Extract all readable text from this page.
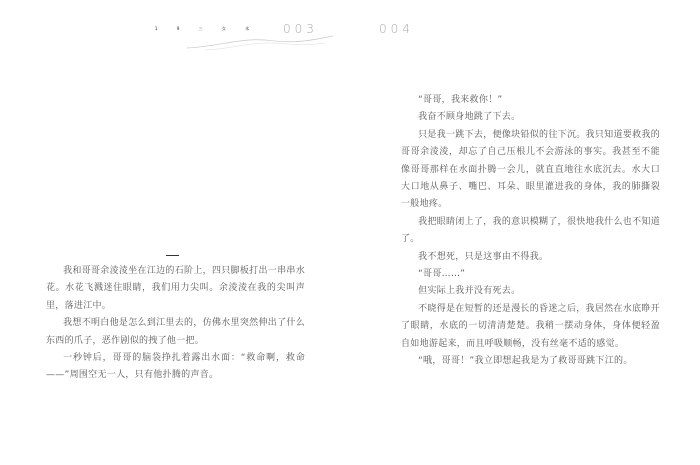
1 9 三 女 术 003

我和哥哥余淩淩坐在江边的石阶上，四只脚板打出一串串水花。水花飞溅迷住眼睛，我们用力尖叫。余淩淩在我的尖叫声里，落进江中。

我想不明白他是怎么到江里去的，仿佛水里突然伸出了什么东西的爪子，恶作剧似的拽了他一把。

一秒钟后，哥哥的脑袋挣扎着露出水面：“救命啊，救命——”周围空无一人，只有他扑腾的声音。

004

“哥哥，我来救你！”

我奋不顾身地跳了下去。

只是我一跳下去，便像块铅似的往下沉。我只知道要救我的哥哥余淩淩，却忘了自己压根儿不会游泳的事实。我甚至不能像哥哥那样在水面扑腾一会儿，就直直地往水底沉去。水大口大口地从鼻子、嘴巴、耳朵、眼里灌进我的身体，我的肺撕裂一般地疼。

我把眼睛闭上了，我的意识模糊了，很快地我什么也不知道了。

我不想死，只是这事由不得我。

“哥哥……”

但实际上我并没有死去。

不晓得是在短暂的还是漫长的昏迷之后，我居然在水底睁开了眼睛，水底的一切清清楚楚。我稍一摆动身体，身体便轻盈自如地游起来，而且呼吸顺畅，没有丝毫不适的感觉。

“哦，哥哥！”我立即想起我是为了救哥哥跳下江的。
